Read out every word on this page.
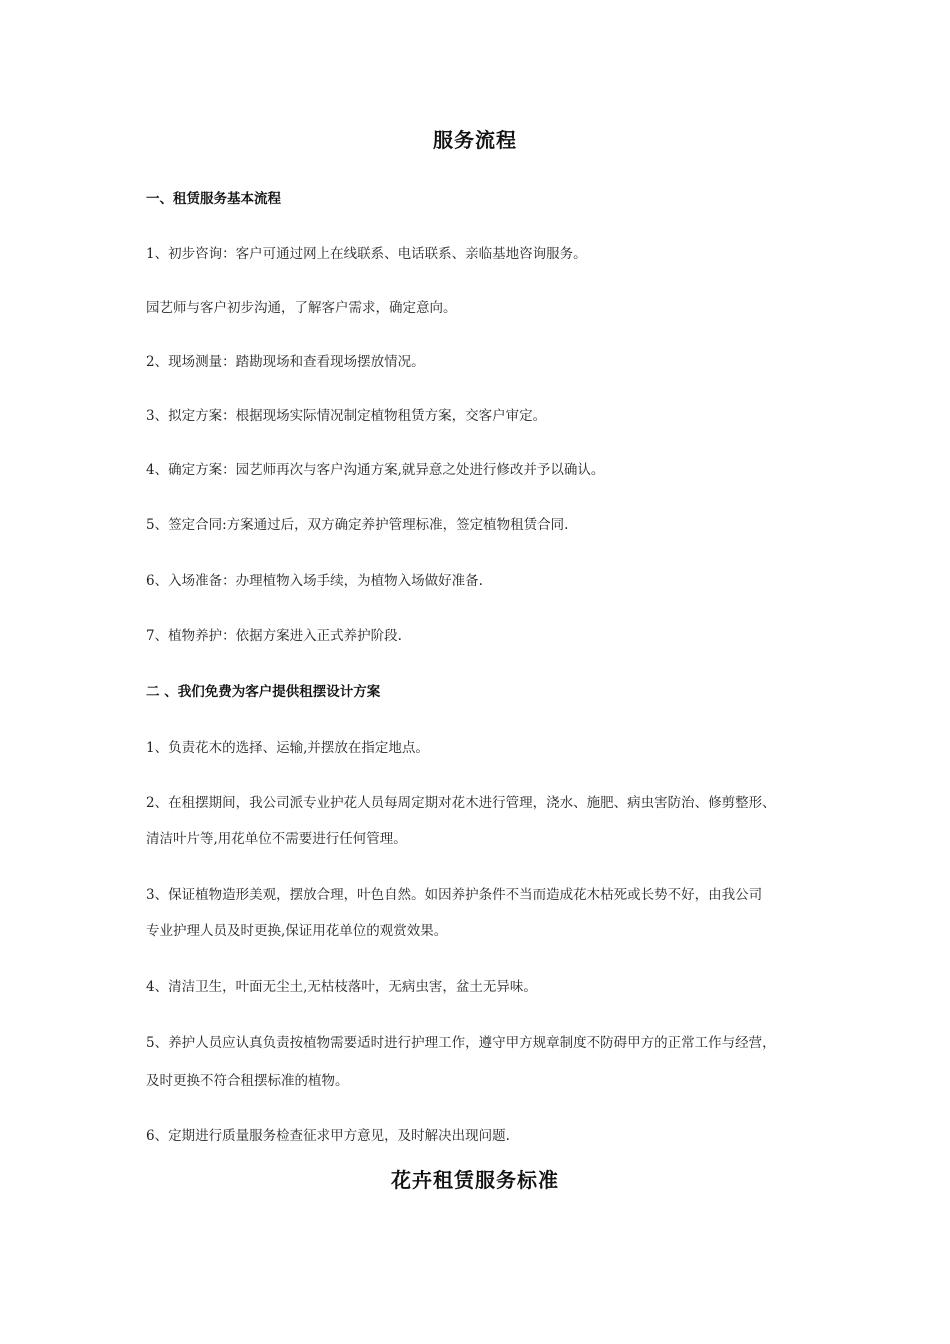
服务流程
一、租赁服务基本流程
1、初步咨询：客户可通过网上在线联系、电话联系、亲临基地咨询服务。
园艺师与客户初步沟通，了解客户需求，确定意向。
2、现场测量：踏勘现场和查看现场摆放情况。
3、拟定方案：根据现场实际情况制定植物租赁方案，交客户审定。
4、确定方案：园艺师再次与客户沟通方案,就异意之处进行修改并予以确认。
5、签定合同:方案通过后，双方确定养护管理标准，签定植物租赁合同.
6、入场准备：办理植物入场手续，为植物入场做好准备.
7、植物养护：依据方案进入正式养护阶段.
二 、我们免费为客户提供租摆设计方案
1、负责花木的选择、运输,并摆放在指定地点。
2、在租摆期间，我公司派专业护花人员每周定期对花木进行管理，浇水、施肥、病虫害防治、修剪整形、
清洁叶片等,用花单位不需要进行任何管理。
3、保证植物造形美观，摆放合理，叶色自然。如因养护条件不当而造成花木枯死或长势不好，由我公司
专业护理人员及时更换,保证用花单位的观赏效果。
4、清洁卫生，叶面无尘土,无枯枝落叶，无病虫害，盆土无异味。
5、养护人员应认真负责按植物需要适时进行护理工作，遵守甲方规章制度不防碍甲方的正常工作与经营，
及时更换不符合租摆标准的植物。
6、定期进行质量服务检查征求甲方意见，及时解决出现问题.
花卉租赁服务标准
